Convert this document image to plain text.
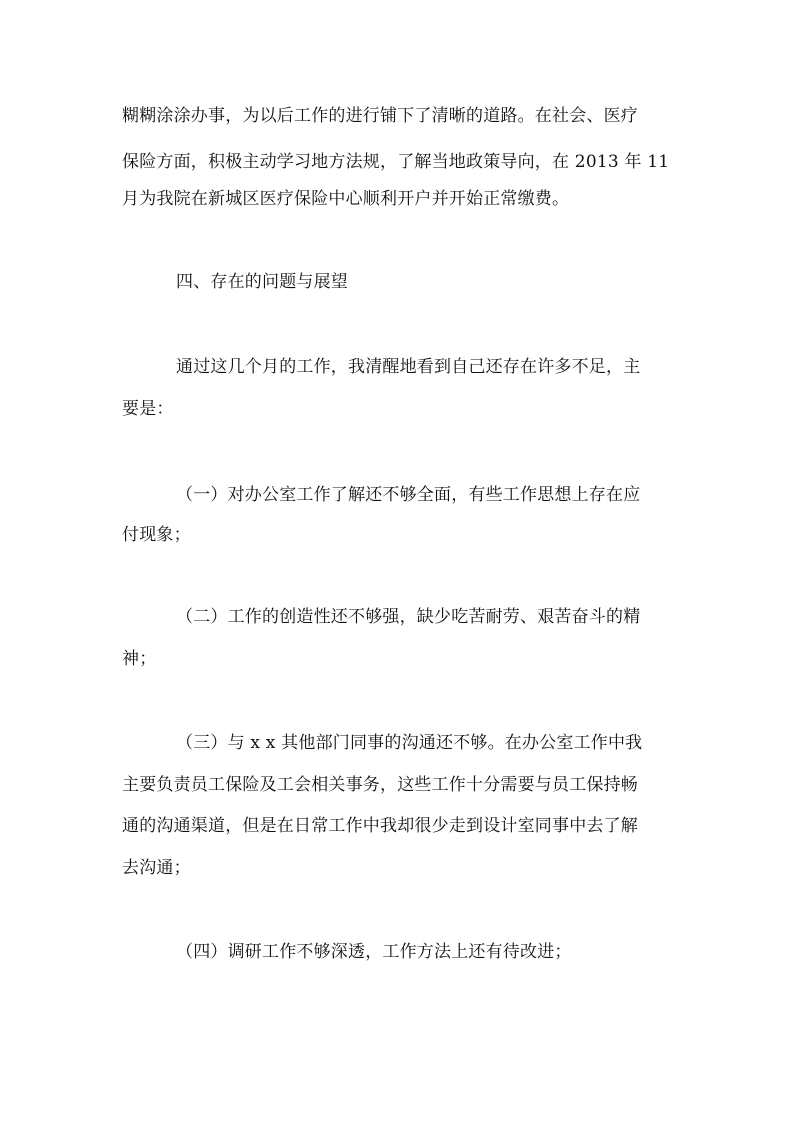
糊糊涂涂办事，为以后工作的进行铺下了清晰的道路。在社会、医疗
保险方面，积极主动学习地方法规，了解当地政策导向，在 2013 年 11
月为我院在新城区医疗保险中心顺利开户并开始正常缴费。
四、存在的问题与展望
通过这几个月的工作，我清醒地看到自己还存在许多不足，主
要是：
（一）对办公室工作了解还不够全面，有些工作思想上存在应
付现象；
（二）工作的创造性还不够强，缺少吃苦耐劳、艰苦奋斗的精
神；
（三）与 x x 其他部门同事的沟通还不够。在办公室工作中我
主要负责员工保险及工会相关事务，这些工作十分需要与员工保持畅
通的沟通渠道，但是在日常工作中我却很少走到设计室同事中去了解
去沟通；
（四）调研工作不够深透，工作方法上还有待改进；
